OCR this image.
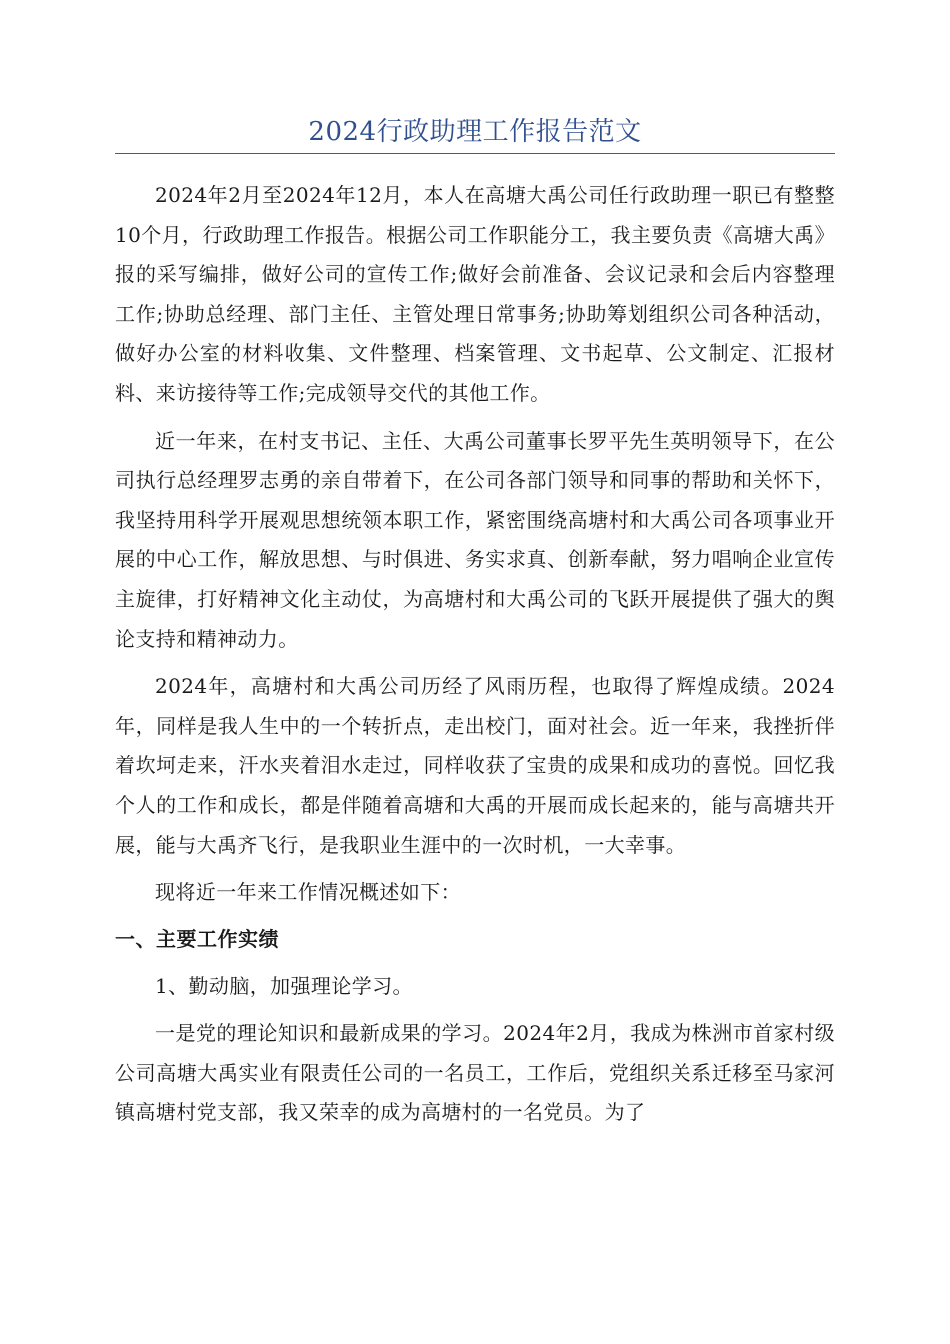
2024行政助理工作报告范文

2024年2月至2024年12月，本人在高塘大禹公司任行政助理一职已有整整10个月，行政助理工作报告。根据公司工作职能分工，我主要负责《高塘大禹》报的采写编排，做好公司的宣传工作;做好会前准备、会议记录和会后内容整理工作;协助总经理、部门主任、主管处理日常事务;协助筹划组织公司各种活动，做好办公室的材料收集、文件整理、档案管理、文书起草、公文制定、汇报材料、来访接待等工作;完成领导交代的其他工作。

近一年来，在村支书记、主任、大禹公司董事长罗平先生英明领导下，在公司执行总经理罗志勇的亲自带着下，在公司各部门领导和同事的帮助和关怀下，我坚持用科学开展观思想统领本职工作，紧密围绕高塘村和大禹公司各项事业开展的中心工作，解放思想、与时俱进、务实求真、创新奉献，努力唱响企业宣传主旋律，打好精神文化主动仗，为高塘村和大禹公司的飞跃开展提供了强大的舆论支持和精神动力。

2024年，高塘村和大禹公司历经了风雨历程，也取得了辉煌成绩。2024年，同样是我人生中的一个转折点，走出校门，面对社会。近一年来，我挫折伴着坎坷走来，汗水夹着泪水走过，同样收获了宝贵的成果和成功的喜悦。回忆我个人的工作和成长，都是伴随着高塘和大禹的开展而成长起来的，能与高塘共开展，能与大禹齐飞行，是我职业生涯中的一次时机，一大幸事。

现将近一年来工作情况概述如下：

一、主要工作实绩

1、勤动脑，加强理论学习。

一是党的理论知识和最新成果的学习。2024年2月，我成为株洲市首家村级公司高塘大禹实业有限责任公司的一名员工，工作后，党组织关系迁移至马家河镇高塘村党支部，我又荣幸的成为高塘村的一名党员。为了
